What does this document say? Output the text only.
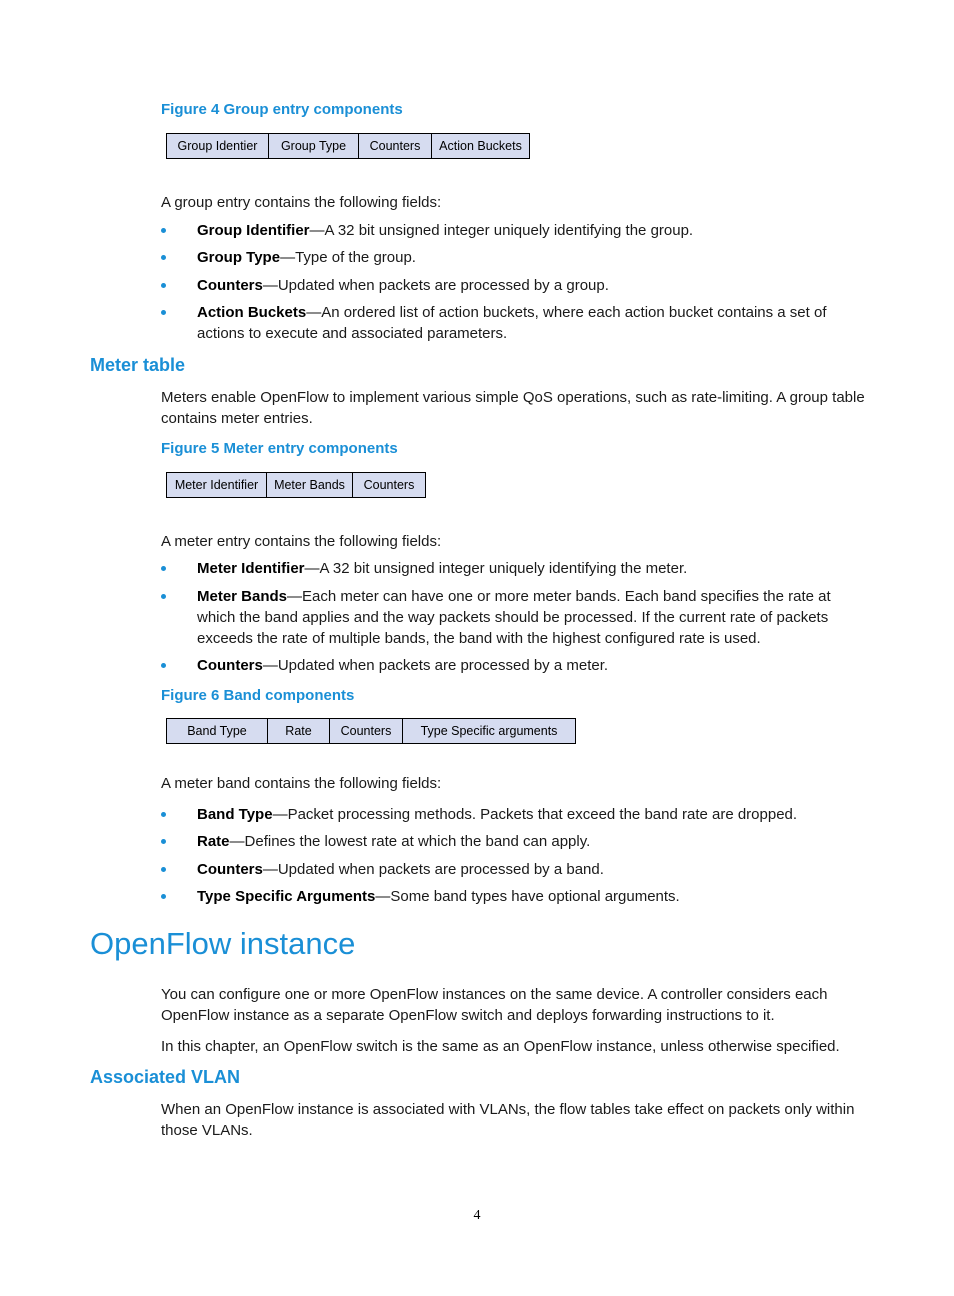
Figure 4 Group entry components
Group Identier	Group Type	Counters	Action Buckets
A group entry contains the following fields:
Group Identifier—A 32 bit unsigned integer uniquely identifying the group.
Group Type—Type of the group.
Counters—Updated when packets are processed by a group.
Action Buckets—An ordered list of action buckets, where each action bucket contains a set of actions to execute and associated parameters.
Meter table
Meters enable OpenFlow to implement various simple QoS operations, such as rate-limiting. A group table contains meter entries.
Figure 5 Meter entry components
Meter Identifier	Meter Bands	Counters
A meter entry contains the following fields:
Meter Identifier—A 32 bit unsigned integer uniquely identifying the meter.
Meter Bands—Each meter can have one or more meter bands. Each band specifies the rate at which the band applies and the way packets should be processed. If the current rate of packets exceeds the rate of multiple bands, the band with the highest configured rate is used.
Counters—Updated when packets are processed by a meter.
Figure 6 Band components
Band Type	Rate	Counters	Type Specific arguments
A meter band contains the following fields:
Band Type—Packet processing methods. Packets that exceed the band rate are dropped.
Rate—Defines the lowest rate at which the band can apply.
Counters—Updated when packets are processed by a band.
Type Specific Arguments—Some band types have optional arguments.
OpenFlow instance
You can configure one or more OpenFlow instances on the same device. A controller considers each OpenFlow instance as a separate OpenFlow switch and deploys forwarding instructions to it.
In this chapter, an OpenFlow switch is the same as an OpenFlow instance, unless otherwise specified.
Associated VLAN
When an OpenFlow instance is associated with VLANs, the flow tables take effect on packets only within those VLANs.
4
